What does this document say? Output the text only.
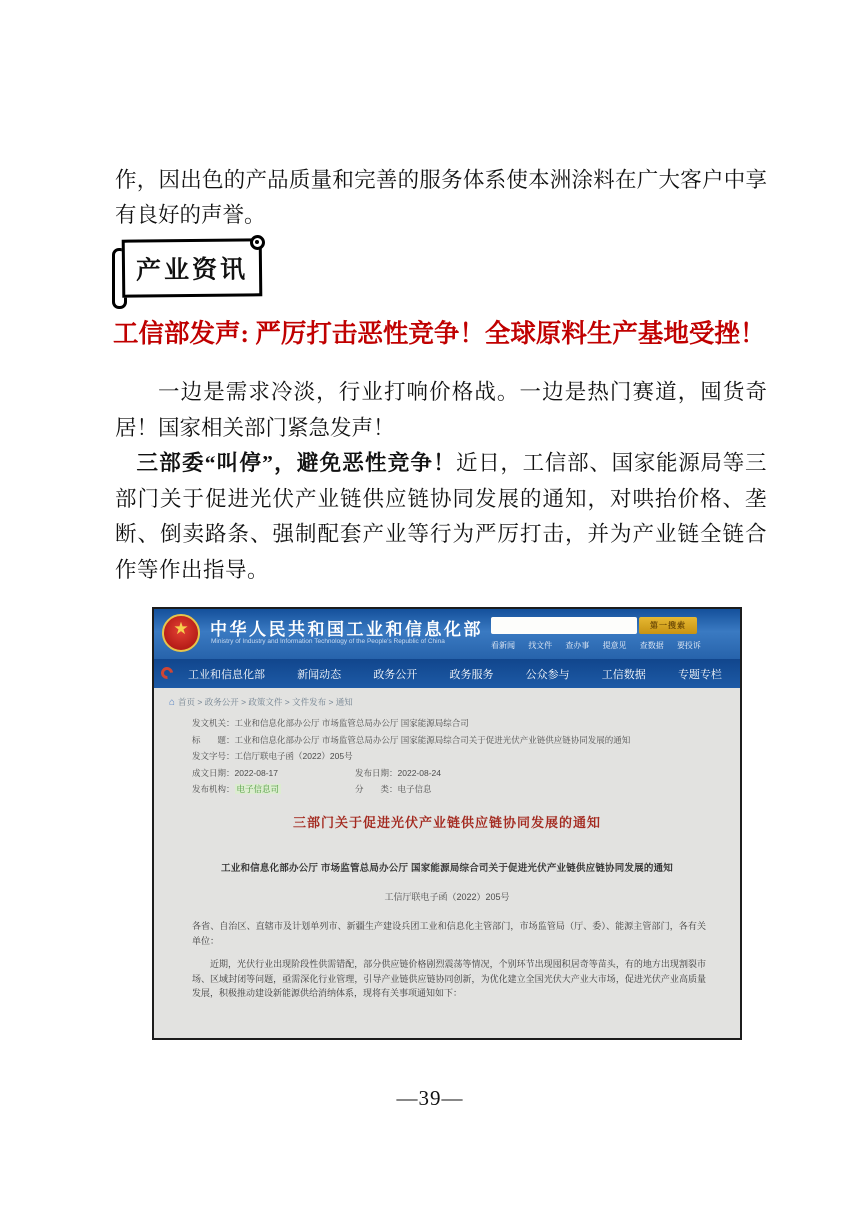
作，因出色的产品质量和完善的服务体系使本洲涂料在广大客户中享有良好的声誉。

产业资讯
工信部发声: 严厉打击恶性竞争！全球原料生产基地受挫！

一边是需求冷淡，行业打响价格战。一边是热门赛道，囤货奇居！国家相关部门紧急发声！

三部委“叫停”，避免恶性竞争！近日，工信部、国家能源局等三部门关于促进光伏产业链供应链协同发展的通知，对哄抬价格、垄断、倒卖路条、强制配套产业等行为严厉打击，并为产业链全链合作等作出指导。

★
中华人民共和国工业和信息化部
Ministry of Industry and Information Technology of the People's Republic of China
第一搜索
看新闻 找文件 查办事 提意见 查数据 要投诉
工业和信息化部	新闻动态	政务公开	政务服务	公众参与	工信数据	专题专栏
⌂ 首页 > 政务公开 > 政策文件 > 文件发布 > 通知
发文机关：工业和信息化部办公厅 市场监管总局办公厅 国家能源局综合司
标　　题：工业和信息化部办公厅 市场监管总局办公厅 国家能源局综合司关于促进光伏产业链供应链协同发展的通知
发文字号：工信厅联电子函（2022）205号
成文日期：2022-08-17	发布日期：2022-08-24
发布机构： 电子信息司	分　　类：电子信息
三部门关于促进光伏产业链供应链协同发展的通知
工业和信息化部办公厅 市场监管总局办公厅 国家能源局综合司关于促进光伏产业链供应链协同发展的通知
工信厅联电子函（2022）205号
各省、自治区、直辖市及计划单列市、新疆生产建设兵团工业和信息化主管部门，市场监管局（厅、委）、能源主管部门，各有关单位：
近期，光伏行业出现阶段性供需错配，部分供应链价格剧烈震荡等情况，个别环节出现囤积居奇等苗头，有的地方出现割裂市场、区域封闭等问题，亟需深化行业管理，引导产业链供应链协同创新，为优化建立全国光伏大产业大市场，促进光伏产业高质量发展，积极推动建设新能源供给消纳体系，现将有关事项通知如下：
—39—
